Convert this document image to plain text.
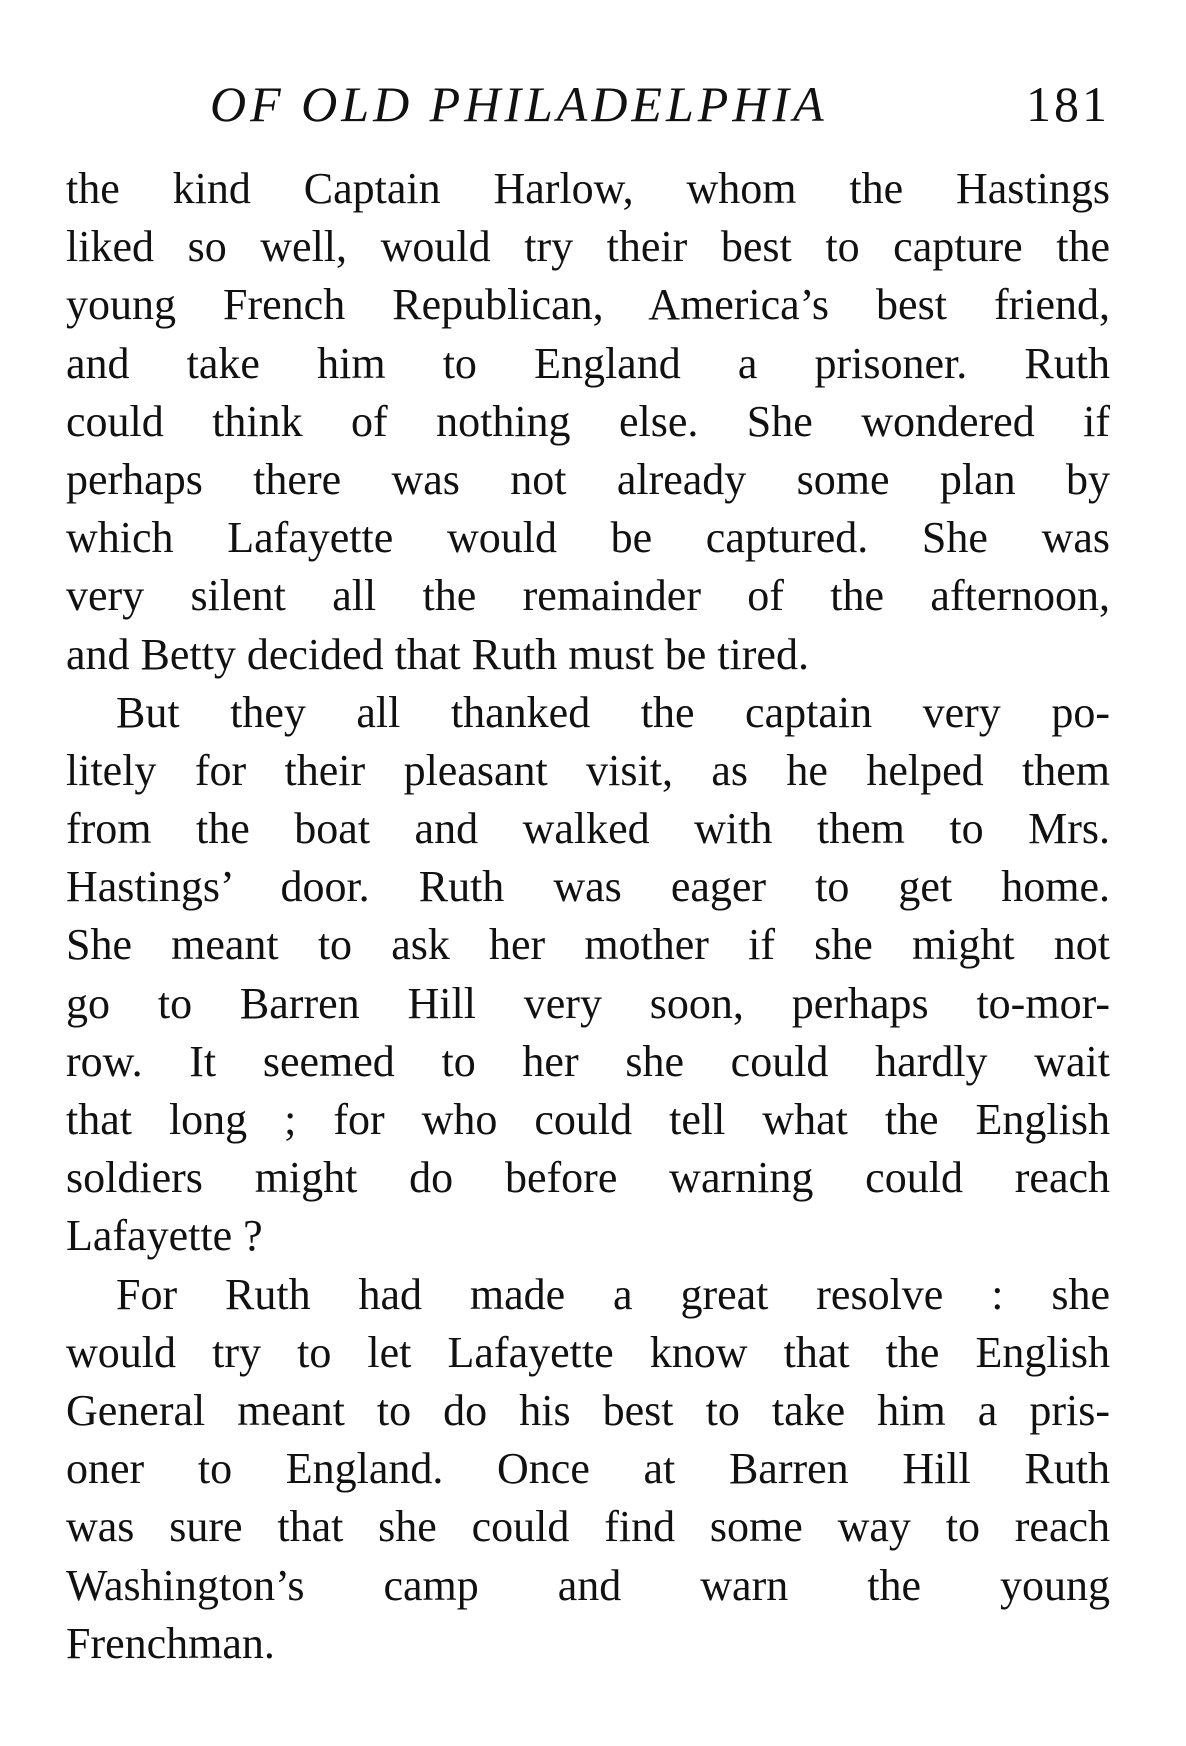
OF OLD PHILADELPHIA	181
the kind Captain Harlow, whom the Hastings
liked so well, would try their best to capture the
young French Republican, America’s best friend,
and take him to England a prisoner. Ruth
could think of nothing else. She wondered if
perhaps there was not already some plan by
which Lafayette would be captured. She was
very silent all the remainder of the afternoon,
and Betty decided that Ruth must be tired.
But they all thanked the captain very po-
litely for their pleasant visit, as he helped them
from the boat and walked with them to Mrs.
Hastings’ door. Ruth was eager to get home.
She meant to ask her mother if she might not
go to Barren Hill very soon, perhaps to-mor-
row. It seemed to her she could hardly wait
that long ; for who could tell what the English
soldiers might do before warning could reach
Lafayette ?
For Ruth had made a great resolve : she
would try to let Lafayette know that the English
General meant to do his best to take him a pris-
oner to England. Once at Barren Hill Ruth
was sure that she could find some way to reach
Washington’s camp and warn the young
Frenchman.
